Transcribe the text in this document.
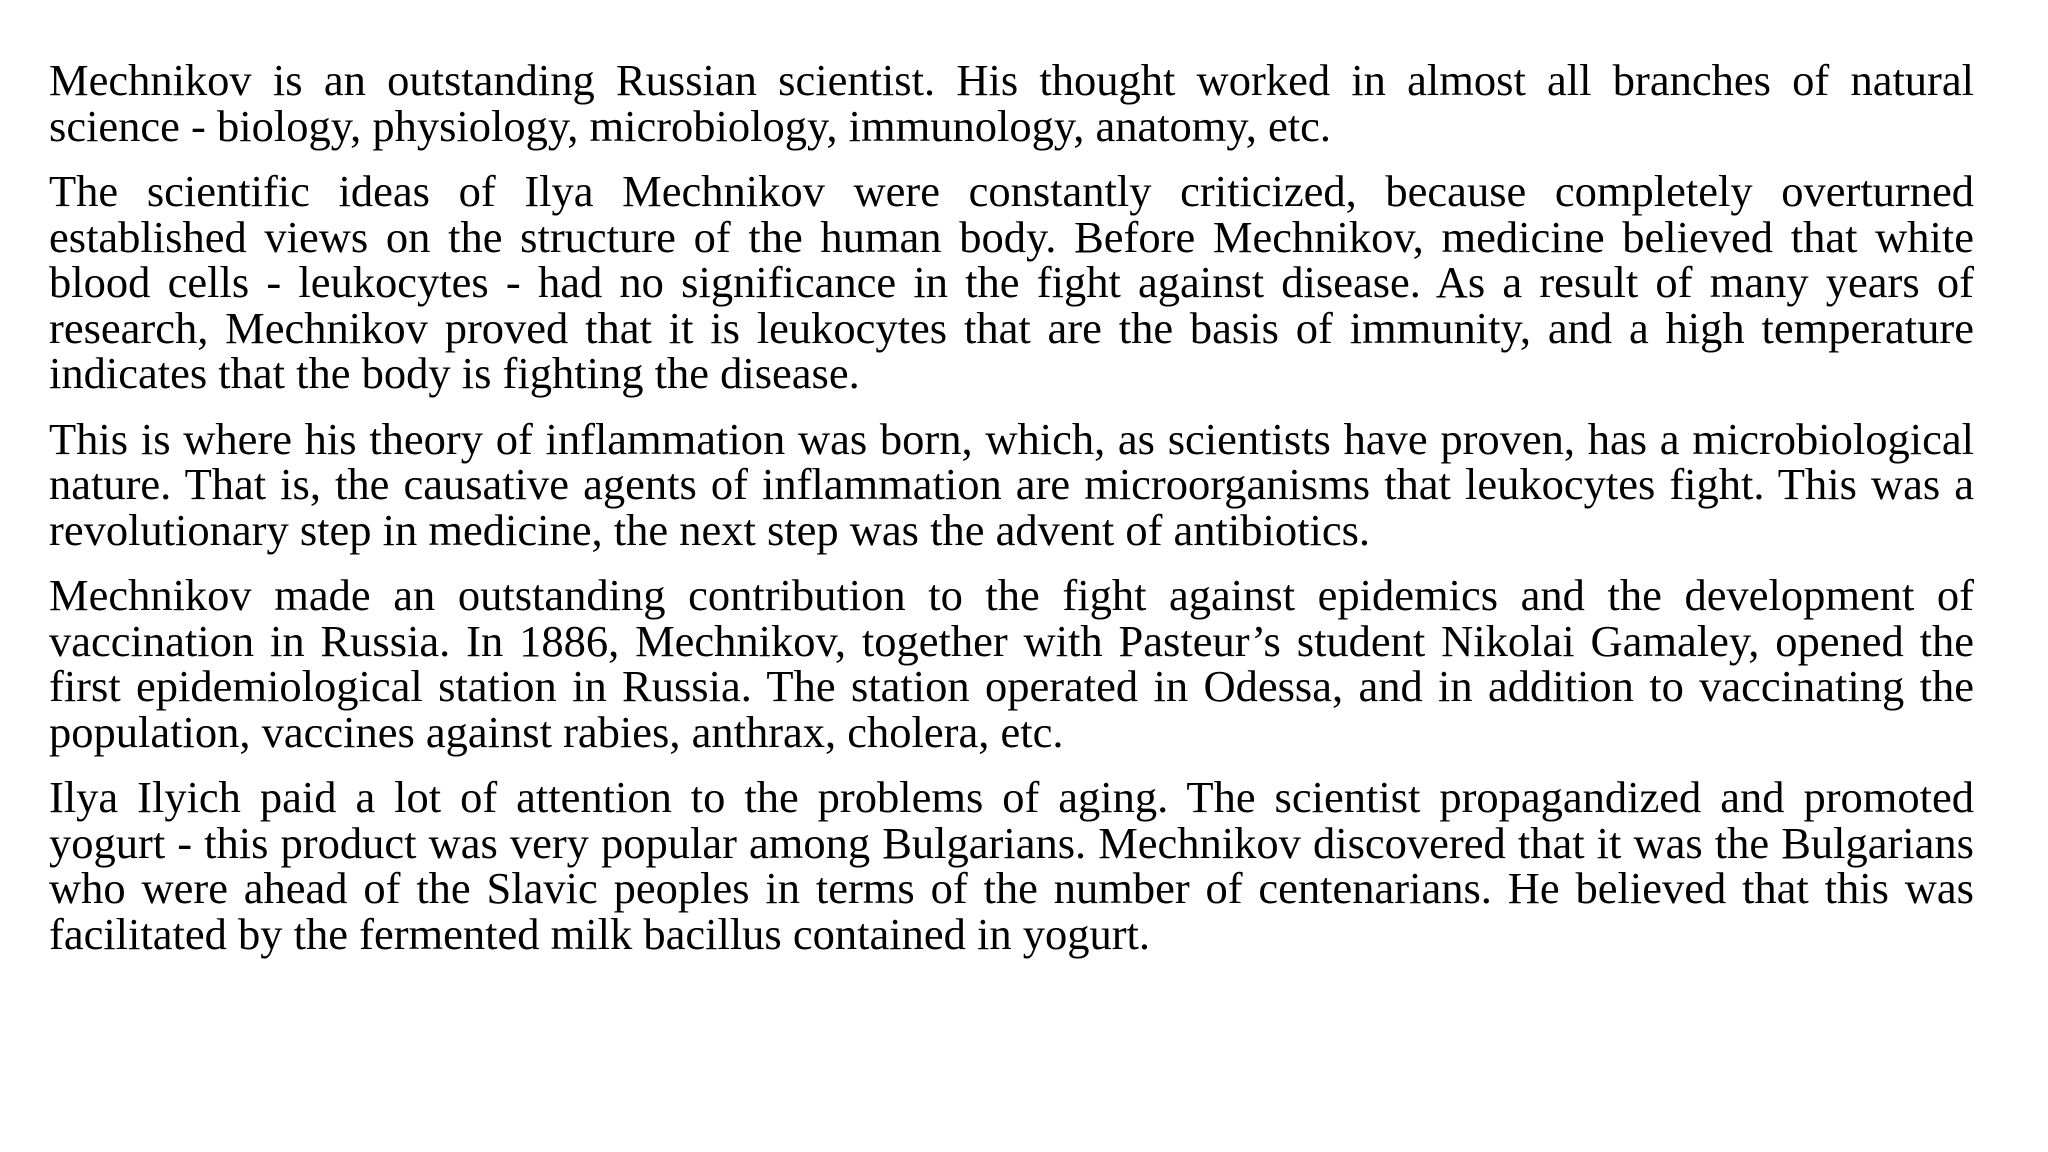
Mechnikov is an outstanding Russian scientist. His thought worked in almost all branches of natural science - biology, physiology, microbiology, immunology, anatomy, etc.

The scientific ideas of Ilya Mechnikov were constantly criticized, because completely overturned established views on the structure of the human body. Before Mechnikov, medicine believed that white blood cells - leukocytes - had no significance in the fight against disease. As a result of many years of research, Mechnikov proved that it is leukocytes that are the basis of immunity, and a high temperature indicates that the body is fighting the disease.

This is where his theory of inflammation was born, which, as scientists have proven, has a microbiological nature. That is, the causative agents of inflammation are microorganisms that leukocytes fight. This was a revolutionary step in medicine, the next step was the advent of antibiotics.

Mechnikov made an outstanding contribution to the fight against epidemics and the development of vaccination in Russia. In 1886, Mechnikov, together with Pasteur’s student Nikolai Gamaley, opened the first epidemiological station in Russia. The station operated in Odessa, and in addition to vaccinating the population, vaccines against rabies, anthrax, cholera, etc.

Ilya Ilyich paid a lot of attention to the problems of aging. The scientist propagandized and promoted yogurt - this product was very popular among Bulgarians. Mechnikov discovered that it was the Bulgarians who were ahead of the Slavic peoples in terms of the number of centenarians. He believed that this was facilitated by the fermented milk bacillus contained in yogurt.
